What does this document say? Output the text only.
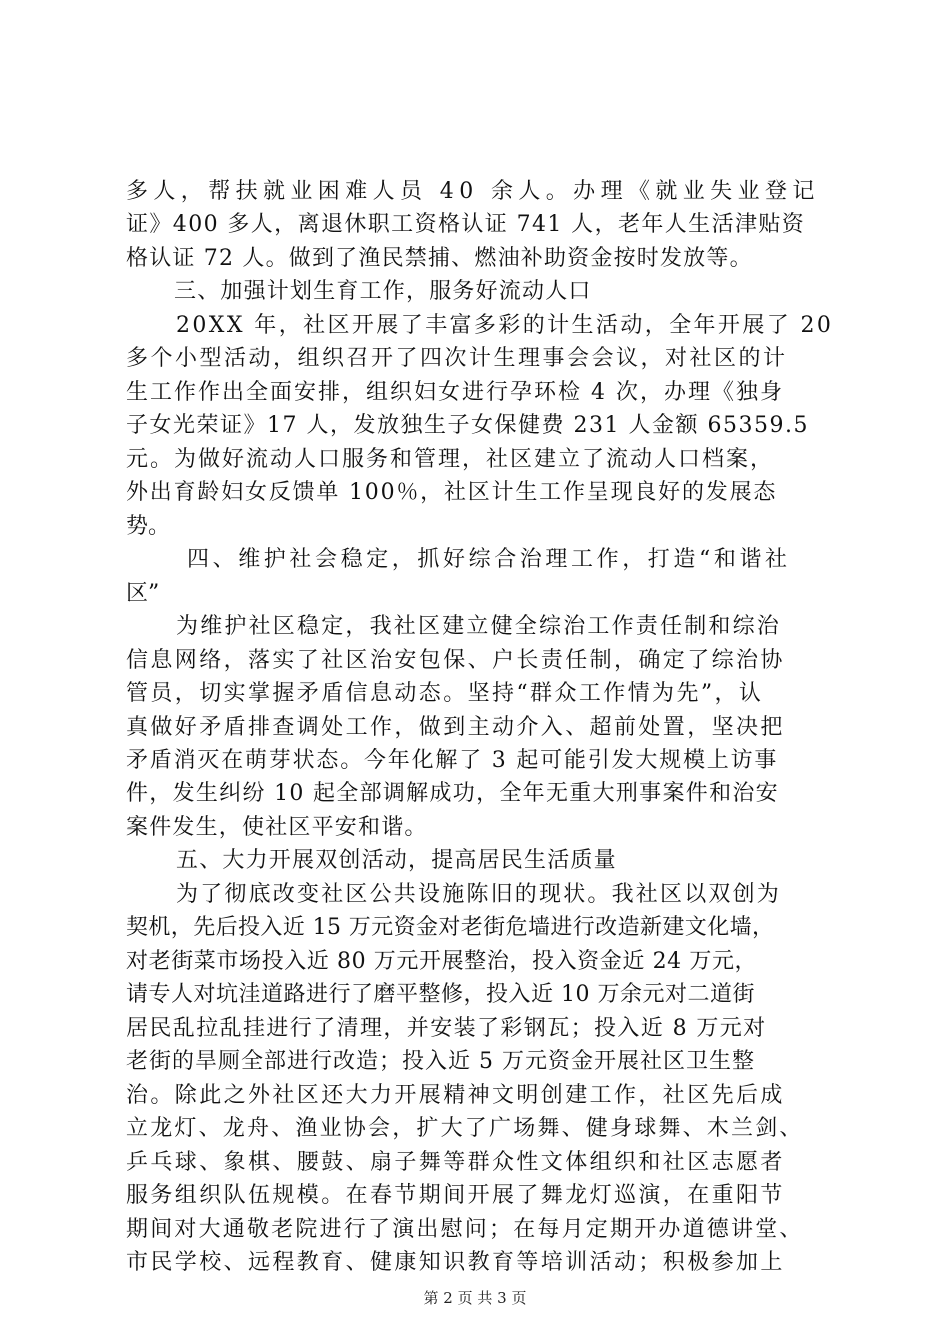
多人，帮扶就业困难人员 40 余人。办理《就业失业登记
证》400 多人，离退休职工资格认证 741 人，老年人生活津贴资
格认证 72 人。做到了渔民禁捕、燃油补助资金按时发放等。
三、加强计划生育工作，服务好流动人口
20XX 年，社区开展了丰富多彩的计生活动，全年开展了 20
多个小型活动，组织召开了四次计生理事会会议，对社区的计
生工作作出全面安排，组织妇女进行孕环检 4 次，办理《独身
子女光荣证》17 人，发放独生子女保健费 231 人金额 65359.5
元。为做好流动人口服务和管理，社区建立了流动人口档案，
外出育龄妇女反馈单 100％，社区计生工作呈现良好的发展态
势。
四、维护社会稳定，抓好综合治理工作，打造“和谐社
区”
为维护社区稳定，我社区建立健全综治工作责任制和综治
信息网络，落实了社区治安包保、户长责任制，确定了综治协
管员，切实掌握矛盾信息动态。坚持“群众工作情为先”，认
真做好矛盾排查调处工作，做到主动介入、超前处置，坚决把
矛盾消灭在萌芽状态。今年化解了 3 起可能引发大规模上访事
件，发生纠纷 10 起全部调解成功，全年无重大刑事案件和治安
案件发生，使社区平安和谐。
五、大力开展双创活动，提高居民生活质量
为了彻底改变社区公共设施陈旧的现状。我社区以双创为
契机，先后投入近 15 万元资金对老街危墙进行改造新建文化墙，
对老街菜市场投入近 80 万元开展整治，投入资金近 24 万元，
请专人对坑洼道路进行了磨平整修，投入近 10 万余元对二道街
居民乱拉乱挂进行了清理，并安装了彩钢瓦；投入近 8 万元对
老街的旱厕全部进行改造；投入近 5 万元资金开展社区卫生整
治。除此之外社区还大力开展精神文明创建工作，社区先后成
立龙灯、龙舟、渔业协会，扩大了广场舞、健身球舞、木兰剑、
乒乓球、象棋、腰鼓、扇子舞等群众性文体组织和社区志愿者
服务组织队伍规模。在春节期间开展了舞龙灯巡演，在重阳节
期间对大通敬老院进行了演出慰问；在每月定期开办道德讲堂、
市民学校、远程教育、健康知识教育等培训活动；积极参加上
第 2 页 共 3 页
